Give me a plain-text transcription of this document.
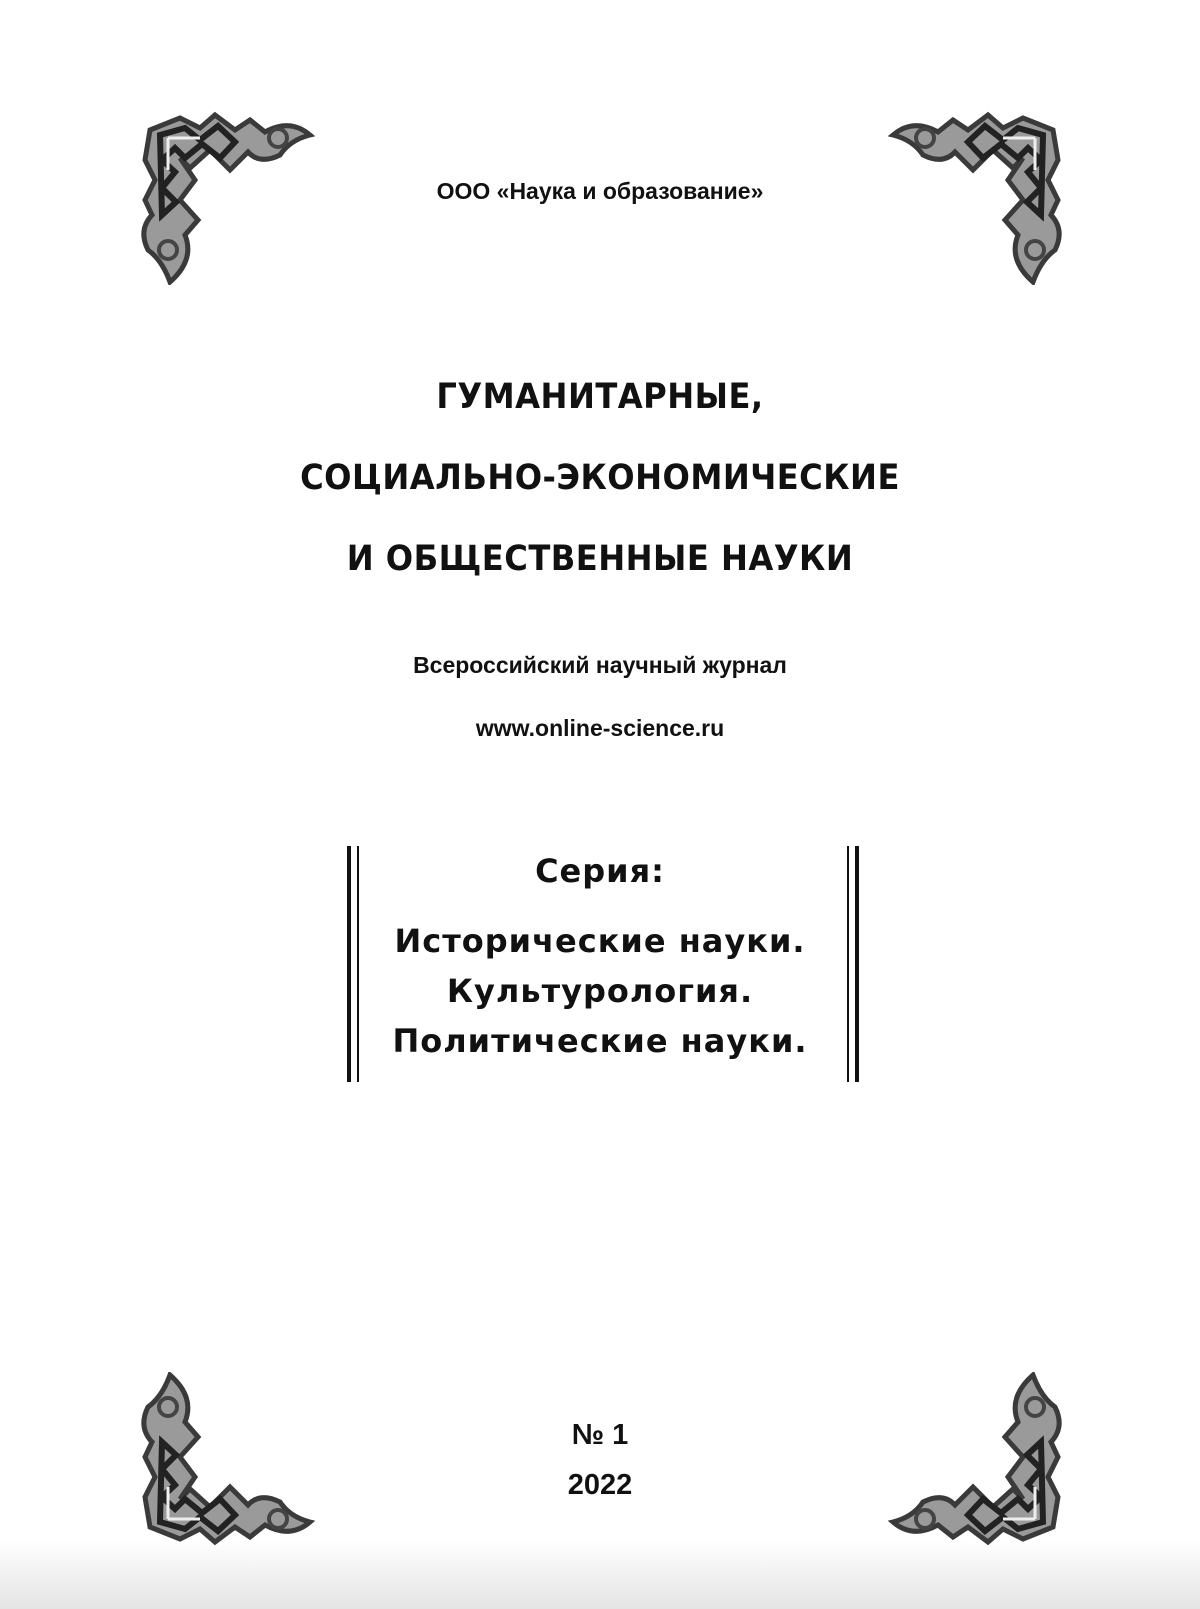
ООО «Наука и образование»
ГУМАНИТАРНЫЕ,
СОЦИАЛЬНО-ЭКОНОМИЧЕСКИЕ
И ОБЩЕСТВЕННЫЕ НАУКИ
Всероссийский научный журнал
www.online-science.ru
Серия:
Исторические науки.
Культурология.
Политические науки.
№ 1
2022
